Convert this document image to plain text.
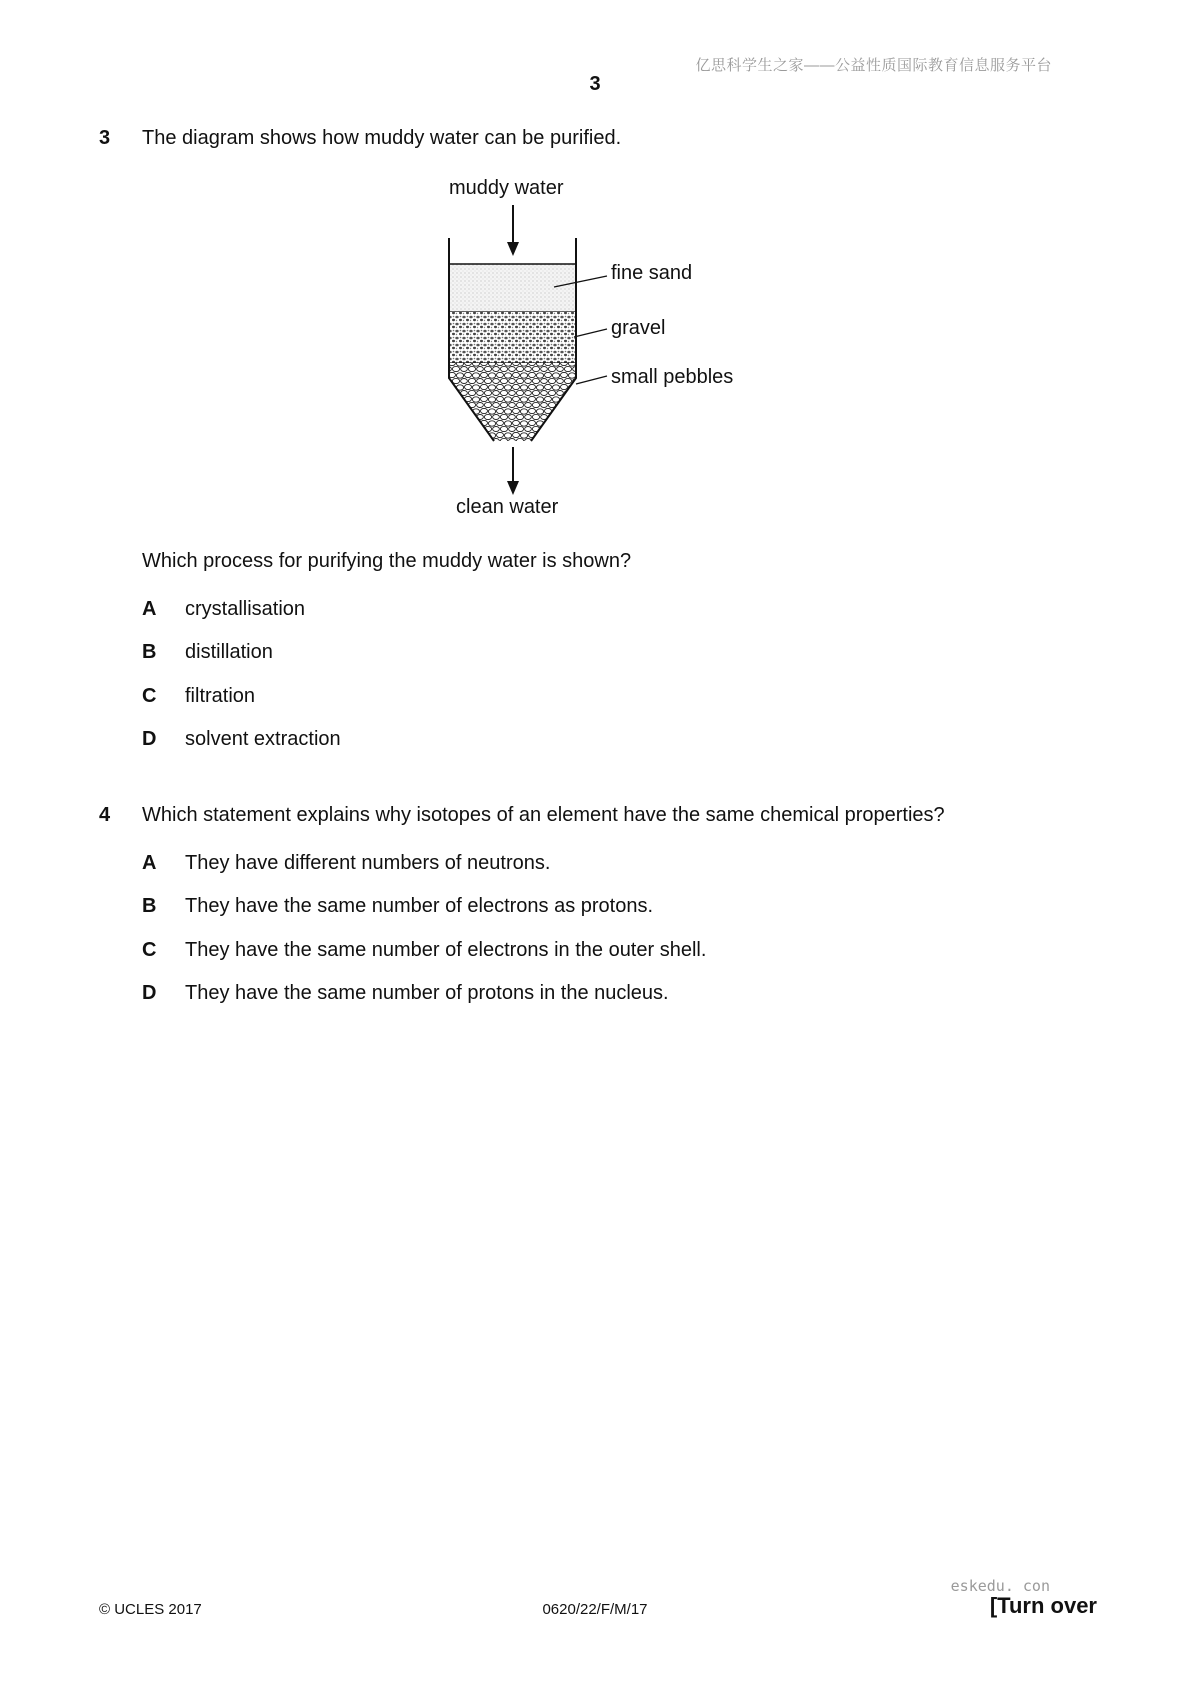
亿思科学生之家——公益性质国际教育信息服务平台
3
3 The diagram shows how muddy water can be purified.
muddy water
fine sand
gravel
small pebbles
clean water
Which process for purifying the muddy water is shown?
A crystallisation
B distillation
C filtration
D solvent extraction
4 Which statement explains why isotopes of an element have the same chemical properties?
A They have different numbers of neutrons.
B They have the same number of electrons as protons.
C They have the same number of electrons in the outer shell.
D They have the same number of protons in the nucleus.
eskedu. con
© UCLES 2017	0620/22/F/M/17	[Turn over
